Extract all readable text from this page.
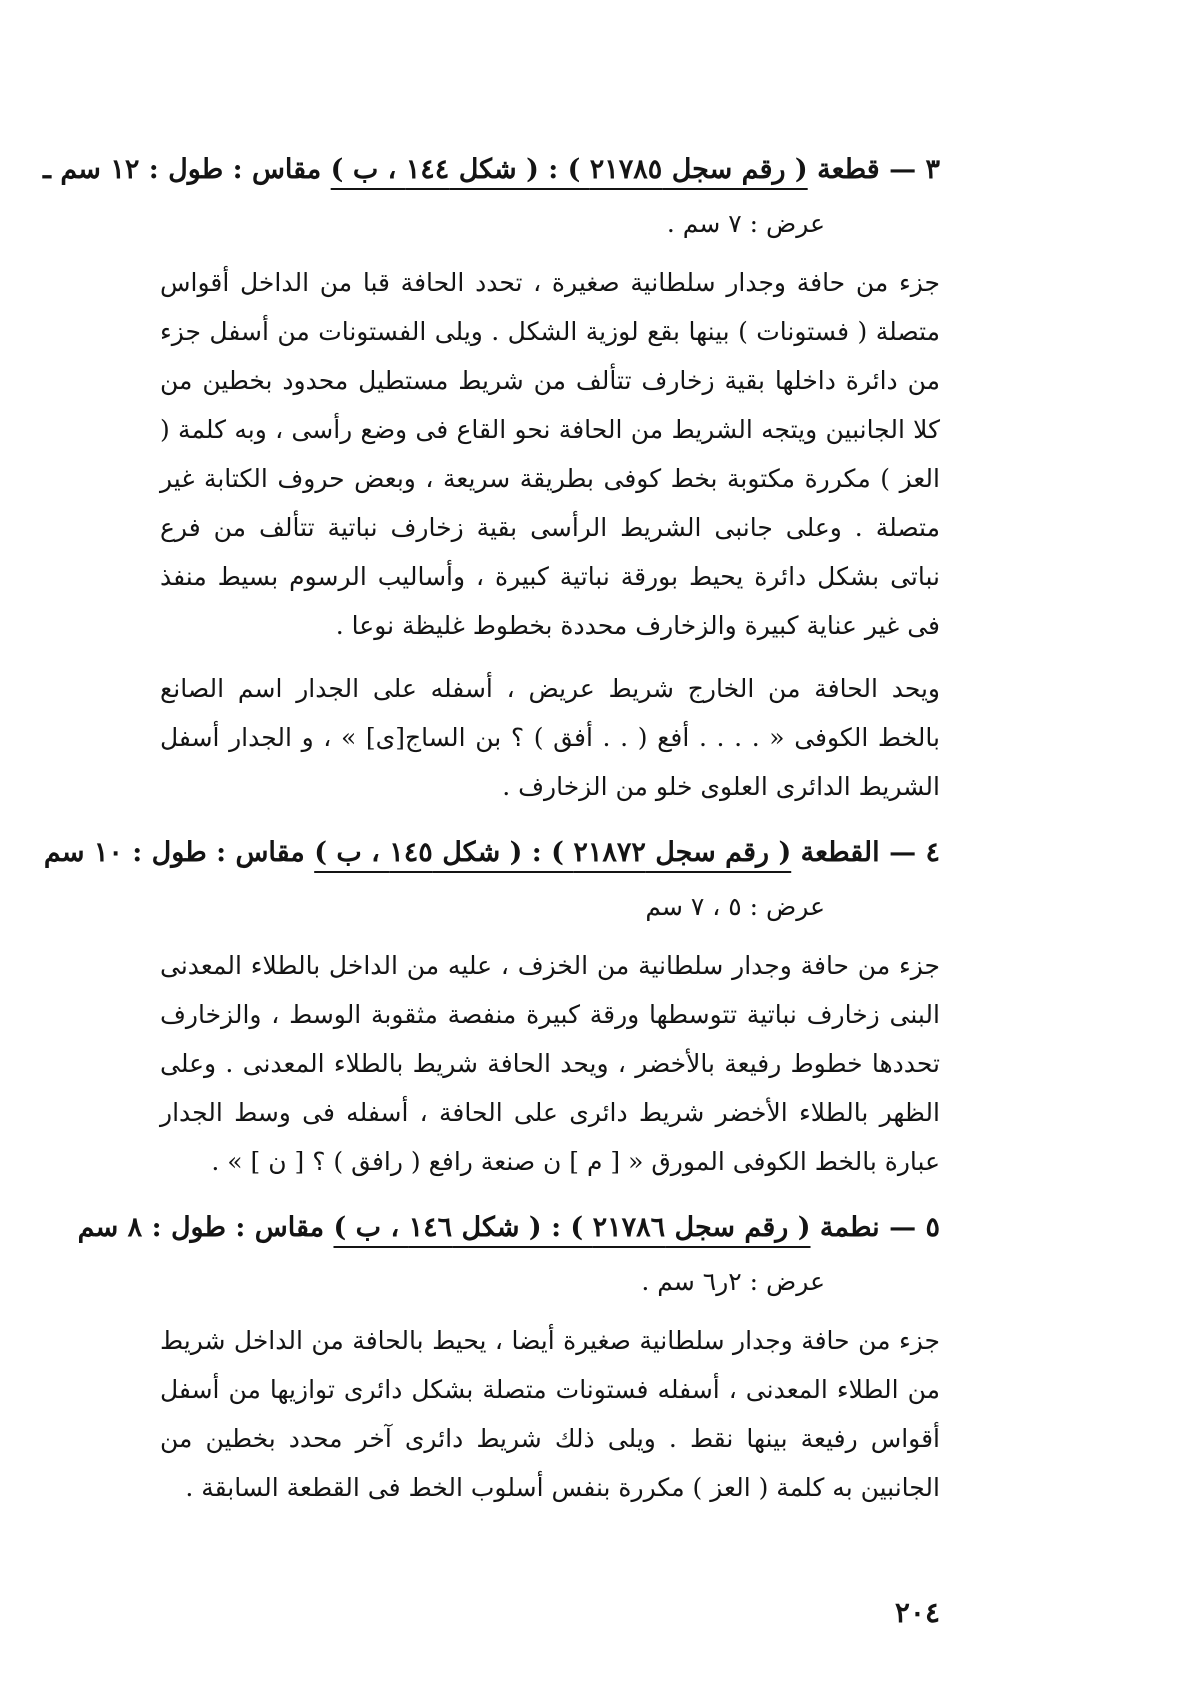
٣ — قطعة ( رقم سجل ٢١٧٨٥ ) : ( شكل ١٤٤ ، ب ) مقاس : طول : ١٢ سم ـ
عرض : ٧ سم .

جزء من حافة وجدار سلطانية صغيرة ، تحدد الحافة قبا من الداخل أقواس متصلة ( فستونات ) بينها بقع لوزية الشكل . ويلى الفستونات من أسفل جزء من دائرة داخلها بقية زخارف تتألف من شريط مستطيل محدود بخطين من كلا الجانبين ويتجه الشريط من الحافة نحو القاع فى وضع رأسى ، وبه كلمة ( العز ) مكررة مكتوبة بخط كوفى بطريقة سريعة ، وبعض حروف الكتابة غير متصلة . وعلى جانبى الشريط الرأسى بقية زخارف نباتية تتألف من فرع نباتى بشكل دائرة يحيط بورقة نباتية كبيرة ، وأساليب الرسوم بسيط منفذ فى غير عناية كبيرة والزخارف محددة بخطوط غليظة نوعا .

ويحد الحافة من الخارج شريط عريض ، أسفله على الجدار اسم الصانع بالخط الكوفى « . . . . أفع ( . . أفق ) ؟ بن الساج[ى] » ، و الجدار أسفل الشريط الدائرى العلوى خلو من الزخارف .

٤ — القطعة ( رقم سجل ٢١٨٧٢ ) : ( شكل ١٤٥ ، ب ) مقاس : طول : ١٠ سم
عرض : ٥ ، ٧ سم

جزء من حافة وجدار سلطانية من الخزف ، عليه من الداخل بالطلاء المعدنى البنى زخارف نباتية تتوسطها ورقة كبيرة منفصة مثقوبة الوسط ، والزخارف تحددها خطوط رفيعة بالأخضر ، ويحد الحافة شريط بالطلاء المعدنى . وعلى الظهر بالطلاء الأخضر شريط دائرى على الحافة ، أسفله فى وسط الجدار عبارة بالخط الكوفى المورق « [ م ] ن صنعة رافع ( رافق ) ؟ [ ن ] » .

٥ — نطمة ( رقم سجل ٢١٧٨٦ ) : ( شكل ١٤٦ ، ب ) مقاس : طول : ٨ سم
عرض : ٢ر٦ سم .

جزء من حافة وجدار سلطانية صغيرة أيضا ، يحيط بالحافة من الداخل شريط من الطلاء المعدنى ، أسفله فستونات متصلة بشكل دائرى توازيها من أسفل أقواس رفيعة بينها نقط . ويلى ذلك شريط دائرى آخر محدد بخطين من الجانبين به كلمة ( العز ) مكررة بنفس أسلوب الخط فى القطعة السابقة .

٢٠٤
